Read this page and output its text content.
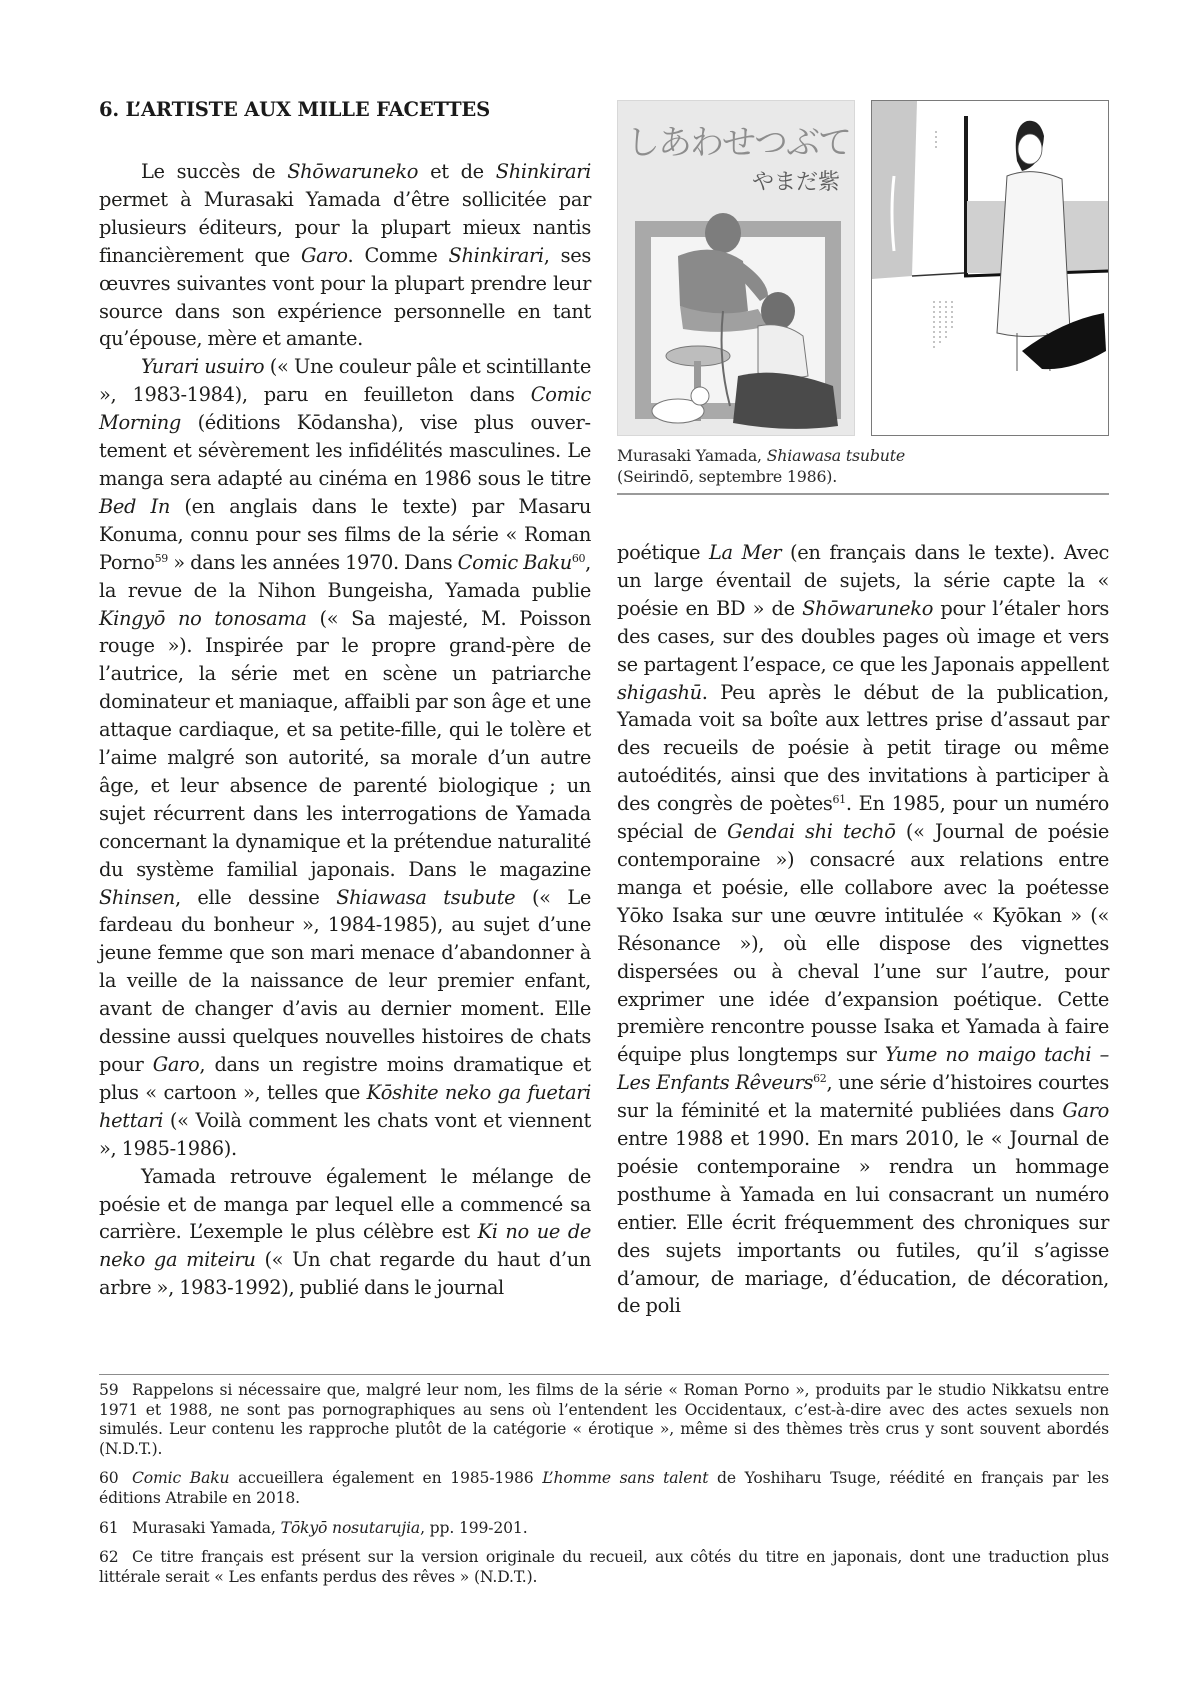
6. L’ARTISTE AUX MILLE FACETTES

Le succès de Shōwaruneko et de Shinkirari permet à Murasaki Yamada d’être sollicitée par plusieurs éditeurs, pour la plupart mieux nantis financièrement que Garo. Comme Shinkirari, ses œuvres suivantes vont pour la plupart prendre leur source dans son expérience personnelle en tant qu’épouse, mère et amante.

Yurari usuiro (« Une couleur pâle et scintillante », 1983-1984), paru en feuilleton dans Comic Morning (éditions Kōdansha), vise plus ouvertement et sévèrement les infidélités masculines. Le manga sera adapté au cinéma en 1986 sous le titre Bed In (en anglais dans le texte) par Masaru Konuma, connu pour ses films de la série « Roman Porno$^{59}$ » dans les années 1970. Dans Comic Baku$^{60}$, la revue de la Nihon Bungeisha, Yamada publie Kingyō no tonosama (« Sa majesté, M. Poisson rouge »). Inspirée par le propre grand-père de l’autrice, la série met en scène un patriarche dominateur et maniaque, affaibli par son âge et une attaque cardiaque, et sa petite-fille, qui le tolère et l’aime malgré son autorité, sa morale d’un autre âge, et leur absence de parenté biologique ; un sujet récurrent dans les interrogations de Yamada concernant la dynamique et la prétendue naturalité du système familial japonais. Dans le magazine Shinsen, elle dessine Shiawasa tsubute (« Le fardeau du bonheur », 1984-1985), au sujet d’une jeune femme que son mari menace d’abandonner à la veille de la naissance de leur premier enfant, avant de changer d’avis au dernier moment. Elle dessine aussi quelques nouvelles histoires de chats pour Garo, dans un registre moins dramatique et plus « cartoon », telles que Kōshite neko ga fuetari hettari (« Voilà comment les chats vont et viennent », 1985-1986).

Yamada retrouve également le mélange de poésie et de manga par lequel elle a commencé sa carrière. L’exemple le plus célèbre est Ki no ue de neko ga miteiru (« Un chat regarde du haut d’un arbre », 1983-1992), publié dans le journal

しあわせつぶて
やまだ紫
Murasaki Yamada, Shiawasa tsubute
(Seirindō, septembre 1986).

poétique La Mer (en français dans le texte). Avec un large éventail de sujets, la série capte la « poésie en BD » de Shōwaruneko pour l’étaler hors des cases, sur des doubles pages où image et vers se partagent l’espace, ce que les Japonais appellent shigashū. Peu après le début de la publication, Yamada voit sa boîte aux lettres prise d’assaut par des recueils de poésie à petit tirage ou même autoédités, ainsi que des invitations à participer à des congrès de poètes$^{61}$. En 1985, pour un numéro spécial de Gendai shi techō (« Journal de poésie contemporaine ») consacré aux relations entre manga et poésie, elle collabore avec la poétesse Yōko Isaka sur une œuvre intitulée « Kyōkan » (« Résonance »), où elle dispose des vignettes dispersées ou à cheval l’une sur l’autre, pour exprimer une idée d’expansion poétique. Cette première rencontre pousse Isaka et Yamada à faire équipe plus longtemps sur Yume no maigo tachi – Les Enfants Rêveurs$^{62}$, une série d’histoires courtes sur la féminité et la maternité publiées dans Garo entre 1988 et 1990. En mars 2010, le « Journal de poésie contemporaine » rendra un hommage posthume à Yamada en lui consacrant un numéro entier. Elle écrit fréquemment des chroniques sur des sujets importants ou futiles, qu’il s’agisse d’amour, de mariage, d’éducation, de décoration, de poli

59 Rappelons si nécessaire que, malgré leur nom, les films de la série « Roman Porno », produits par le studio Nikkatsu entre 1971 et 1988, ne sont pas pornographiques au sens où l’entendent les Occidentaux, c’est-à-dire avec des actes sexuels non simulés. Leur contenu les rapproche plutôt de la catégorie « érotique », même si des thèmes très crus y sont souvent abordés (N.D.T.).

60 Comic Baku accueillera également en 1985-1986 L’homme sans talent de Yoshiharu Tsuge, réédité en français par les éditions Atrabile en 2018.

61 Murasaki Yamada, Tōkyō nosutarujia, pp. 199-201.

62 Ce titre français est présent sur la version originale du recueil, aux côtés du titre en japonais, dont une traduction plus littérale serait « Les enfants perdus des rêves » (N.D.T.).
